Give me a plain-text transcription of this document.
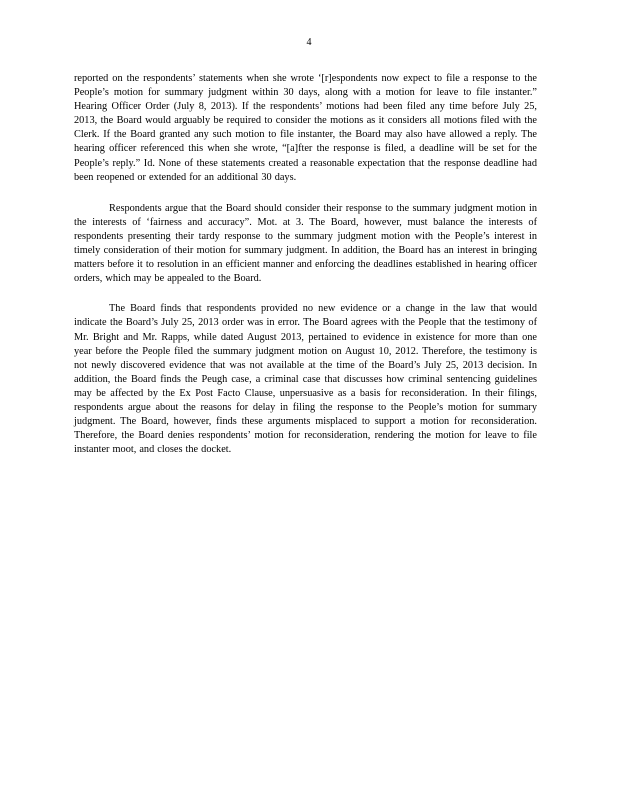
4

reported on the respondents’ statements when she wrote ‘[r]espondents now expect to file a response to the People’s motion for summary judgment within 30 days, along with a motion for leave to file instanter.” Hearing Officer Order (July 8, 2013). If the respondents’ motions had been filed any time before July 25, 2013, the Board would arguably be required to consider the motions as it considers all motions filed with the Clerk. If the Board granted any such motion to file instanter, the Board may also have allowed a reply. The hearing officer referenced this when she wrote, “[a]fter the response is filed, a deadline will be set for the People’s reply.” Id. None of these statements created a reasonable expectation that the response deadline had been reopened or extended for an additional 30 days.

Respondents argue that the Board should consider their response to the summary judgment motion in the interests of ‘fairness and accuracy”. Mot. at 3. The Board, however, must balance the interests of respondents presenting their tardy response to the summary judgment motion with the People’s interest in timely consideration of their motion for summary judgment. In addition, the Board has an interest in bringing matters before it to resolution in an efficient manner and enforcing the deadlines established in hearing officer orders, which may be appealed to the Board.

The Board finds that respondents provided no new evidence or a change in the law that would indicate the Board’s July 25, 2013 order was in error. The Board agrees with the People that the testimony of Mr. Bright and Mr. Rapps, while dated August 2013, pertained to evidence in existence for more than one year before the People filed the summary judgment motion on August 10, 2012. Therefore, the testimony is not newly discovered evidence that was not available at the time of the Board’s July 25, 2013 decision. In addition, the Board finds the Peugh case, a criminal case that discusses how criminal sentencing guidelines may be affected by the Ex Post Facto Clause, unpersuasive as a basis for reconsideration. In their filings, respondents argue about the reasons for delay in filing the response to the People’s motion for summary judgment. The Board, however, finds these arguments misplaced to support a motion for reconsideration. Therefore, the Board denies respondents’ motion for reconsideration, rendering the motion for leave to file instanter moot, and closes the docket.
